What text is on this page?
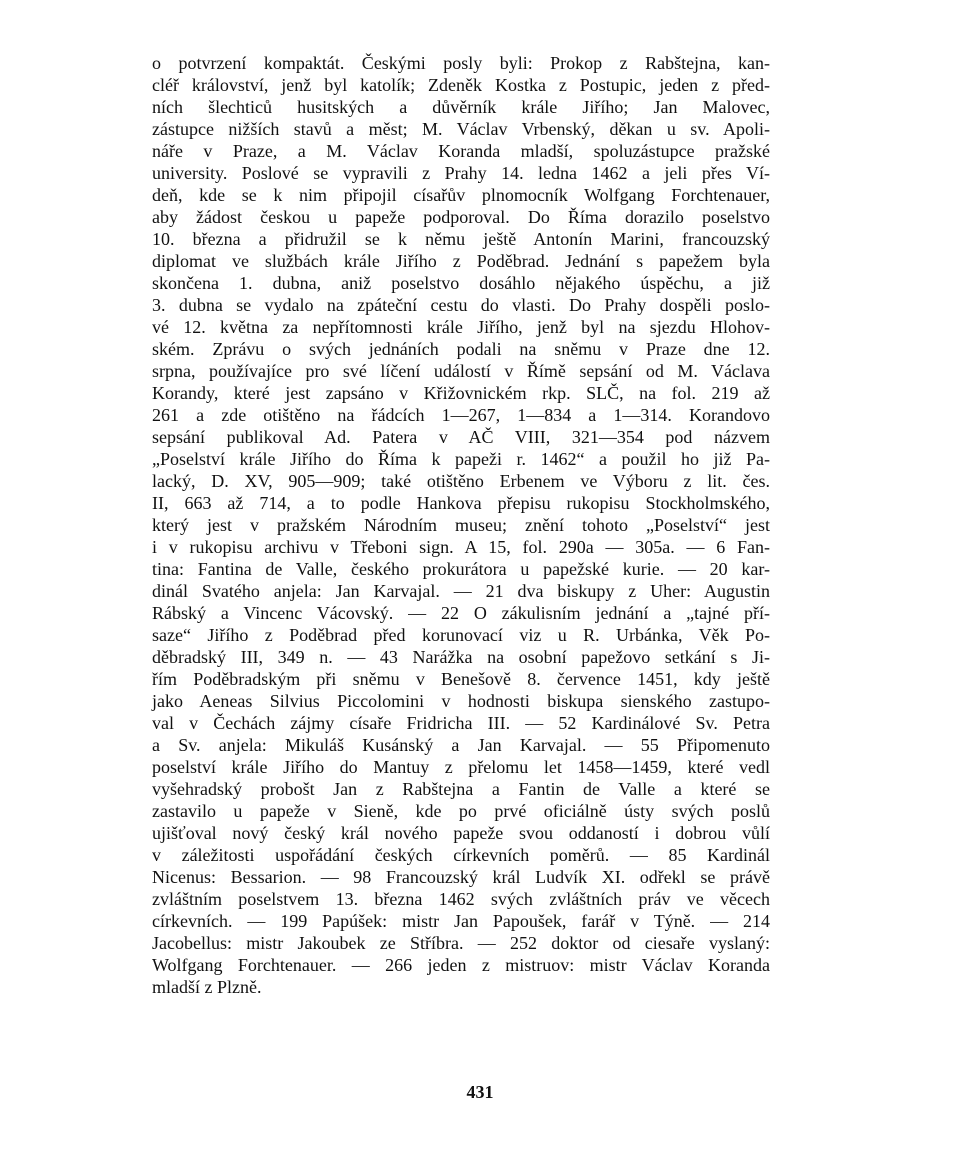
o potvrzení kompaktát. Českými posly byli: Prokop z Rabštejna, kan-
cléř království, jenž byl katolík; Zdeněk Kostka z Postupic, jeden z před-
ních šlechticů husitských a důvěrník krále Jiřího; Jan Malovec,
zástupce nižších stavů a měst; M. Václav Vrbenský, děkan u sv. Apoli-
náře v Praze, a M. Václav Koranda mladší, spoluzástupce pražské
university. Poslové se vypravili z Prahy 14. ledna 1462 a jeli přes Ví-
deň, kde se k nim připojil císařův plnomocník Wolfgang Forchtenauer,
aby žádost českou u papeže podporoval. Do Říma dorazilo poselstvo
10. března a přidružil se k němu ještě Antonín Marini, francouzský
diplomat ve službách krále Jiřího z Poděbrad. Jednání s papežem byla
skončena 1. dubna, aniž poselstvo dosáhlo nějakého úspěchu, a již
3. dubna se vydalo na zpáteční cestu do vlasti. Do Prahy dospěli poslo-
vé 12. května za nepřítomnosti krále Jiřího, jenž byl na sjezdu Hlohov-
ském. Zprávu o svých jednáních podali na sněmu v Praze dne 12.
srpna, používajíce pro své líčení událostí v Římě sepsání od M. Václava
Korandy, které jest zapsáno v Křižovnickém rkp. SLČ, na fol. 219 až
261 a zde otištěno na řádcích 1—267, 1—834 a 1—314. Korandovo
sepsání publikoval Ad. Patera v AČ VIII, 321—354 pod názvem
„Poselství krále Jiřího do Říma k papeži r. 1462“ a použil ho již Pa-
lacký, D. XV, 905—909; také otištěno Erbenem ve Výboru z lit. čes.
II, 663 až 714, a to podle Hankova přepisu rukopisu Stockholmského,
který jest v pražském Národním museu; znění tohoto „Poselství“ jest
i v rukopisu archivu v Třeboni sign. A 15, fol. 290a — 305a. — 6 Fan-
tina: Fantina de Valle, českého prokurátora u papežské kurie. — 20 kar-
dinál Svatého anjela: Jan Karvajal. — 21 dva biskupy z Uher: Augustin
Rábský a Vincenc Vácovský. — 22 O zákulisním jednání a „tajné pří-
saze“ Jiřího z Poděbrad před korunovací viz u R. Urbánka, Věk Po-
děbradský III, 349 n. — 43 Narážka na osobní papežovo setkání s Ji-
řím Poděbradským při sněmu v Benešově 8. července 1451, kdy ještě
jako Aeneas Silvius Piccolomini v hodnosti biskupa sienského zastupo-
val v Čechách zájmy císaře Fridricha III. — 52 Kardinálové Sv. Petra
a Sv. anjela: Mikuláš Kusánský a Jan Karvajal. — 55 Připomenuto
poselství krále Jiřího do Mantuy z přelomu let 1458—1459, které vedl
vyšehradský probošt Jan z Rabštejna a Fantin de Valle a které se
zastavilo u papeže v Sieně, kde po prvé oficiálně ústy svých poslů
ujišťoval nový český král nového papeže svou oddaností i dobrou vůlí
v záležitosti uspořádání českých církevních poměrů. — 85 Kardinál
Nicenus: Bessarion. — 98 Francouzský král Ludvík XI. odřekl se právě
zvláštním poselstvem 13. března 1462 svých zvláštních práv ve věcech
církevních. — 199 Papúšek: mistr Jan Papoušek, farář v Týně. — 214
Jacobellus: mistr Jakoubek ze Stříbra. — 252 doktor od ciesaře vyslaný:
Wolfgang Forchtenauer. — 266 jeden z mistruov: mistr Václav Koranda
mladší z Plzně.
431
